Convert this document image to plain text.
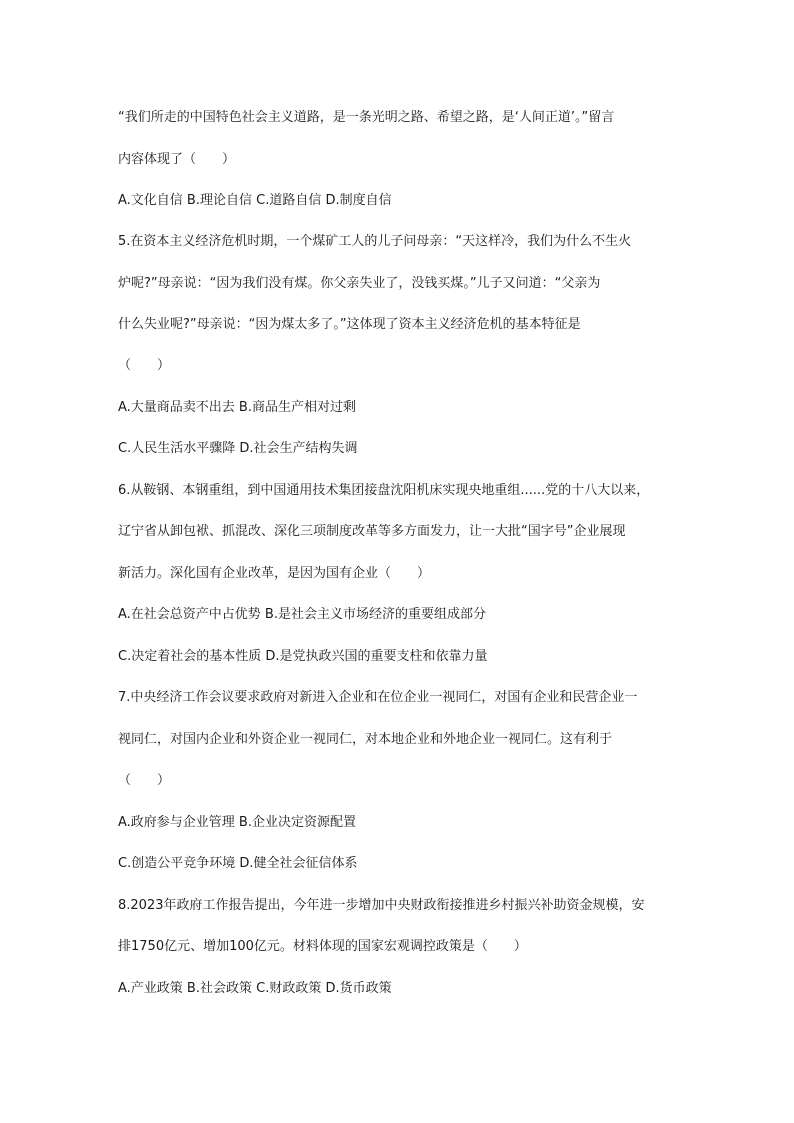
“我们所走的中国特色社会主义道路，是一条光明之路、希望之路，是‘人间正道’。”留言
内容体现了（　　）
A.文化自信 B.理论自信 C.道路自信 D.制度自信
5.在资本主义经济危机时期，一个煤矿工人的儿子问母亲：“天这样冷，我们为什么不生火
炉呢?”母亲说：“因为我们没有煤。你父亲失业了，没钱买煤。”儿子又问道：“父亲为
什么失业呢?”母亲说：“因为煤太多了。”这体现了资本主义经济危机的基本特征是
（　　）
A.大量商品卖不出去 B.商品生产相对过剩
C.人民生活水平骤降 D.社会生产结构失调
6.从鞍钢、本钢重组，到中国通用技术集团接盘沈阳机床实现央地重组......党的十八大以来，
辽宁省从卸包袱、抓混改、深化三项制度改革等多方面发力，让一大批“国字号”企业展现
新活力。深化国有企业改革，是因为国有企业（　　）
A.在社会总资产中占优势 B.是社会主义市场经济的重要组成部分
C.决定着社会的基本性质 D.是党执政兴国的重要支柱和依靠力量
7.中央经济工作会议要求政府对新进入企业和在位企业一视同仁，对国有企业和民营企业一
视同仁，对国内企业和外资企业一视同仁，对本地企业和外地企业一视同仁。这有利于
（　　）
A.政府参与企业管理 B.企业决定资源配置
C.创造公平竞争环境 D.健全社会征信体系
8.2023年政府工作报告提出，今年进一步增加中央财政衔接推进乡村振兴补助资金规模，安
排1750亿元、增加100亿元。材料体现的国家宏观调控政策是（　　）
A.产业政策 B.社会政策 C.财政政策 D.货币政策
